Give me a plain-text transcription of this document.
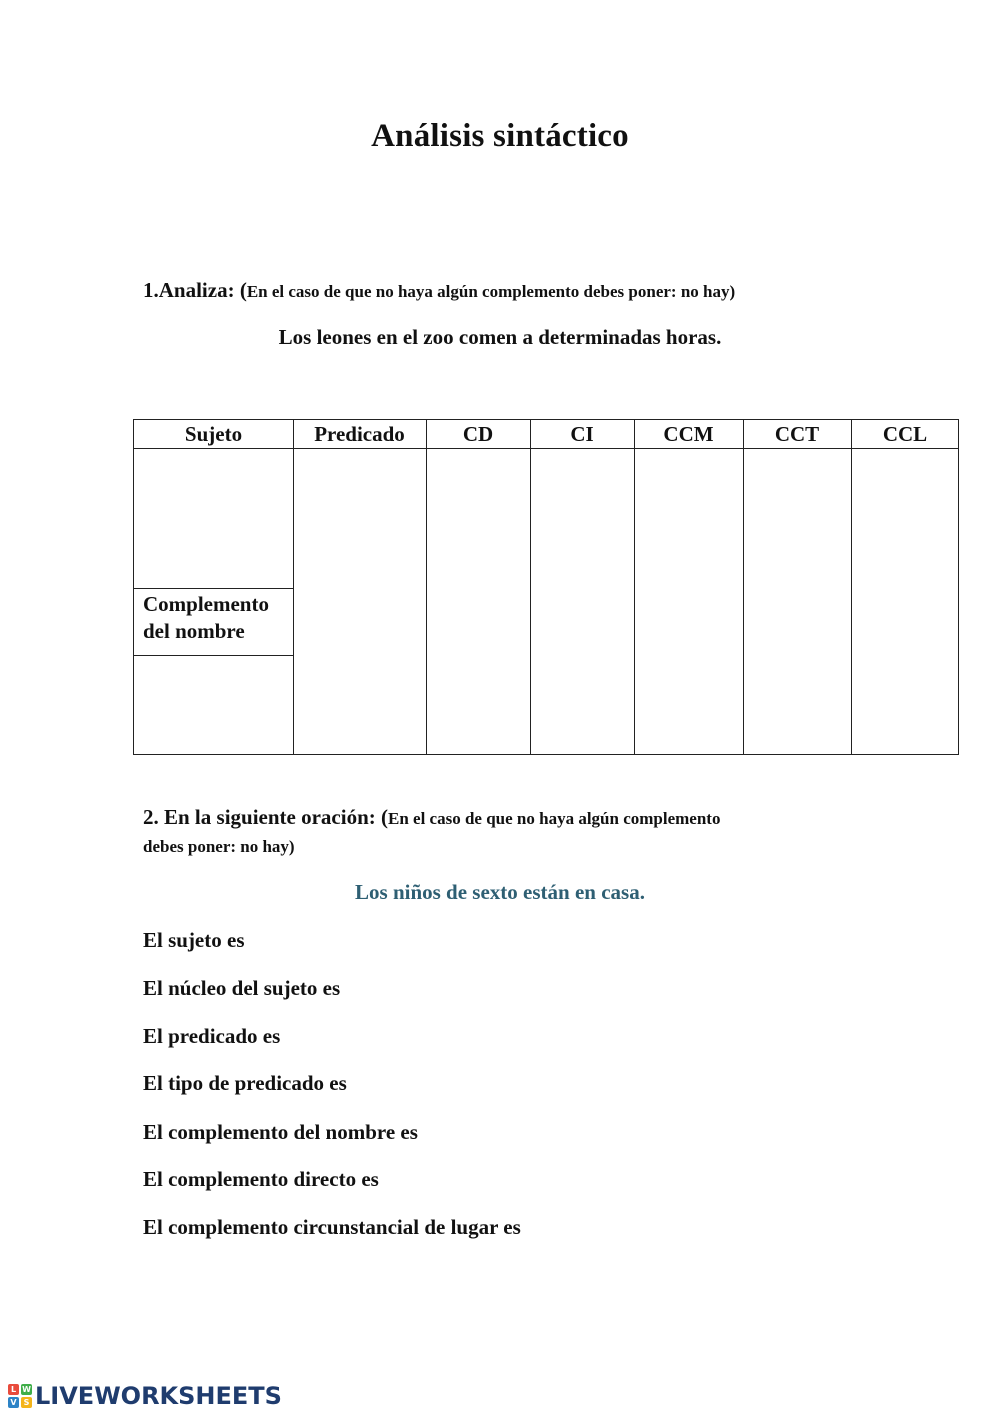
Análisis sintáctico
1.Analiza: (En el caso de que no haya algún complemento debes poner: no hay)
Los leones en el zoo comen a determinadas horas.
Sujeto	Predicado	CD	CI	CCM	CCT	CCL
Complemento
del nombre
2. En la siguiente oración: (En el caso de que no haya algún complemento
debes poner: no hay)
Los niños de sexto están en casa.
El sujeto es
El núcleo del sujeto es
El predicado es
El tipo de predicado es
El complemento del nombre es
El complemento directo es
El complemento circunstancial de lugar es
L W
V S LIVEWORKSHEETS
